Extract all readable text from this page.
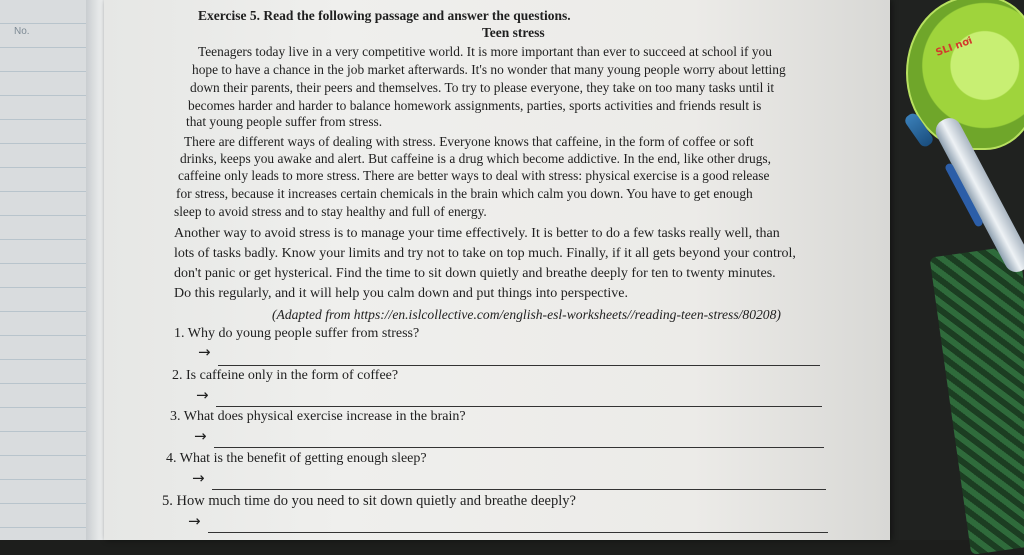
No.
SLI nơi
Exercise 5. Read the following passage and answer the questions.
Teen stress
Teenagers today live in a very competitive world. It is more important than ever to succeed at school if you
hope to have a chance in the job market afterwards. It's no wonder that many young people worry about letting
down their parents, their peers and themselves. To try to please everyone, they take on too many tasks until it
becomes harder and harder to balance homework assignments, parties, sports activities and friends result is
that young people suffer from stress.
There are different ways of dealing with stress. Everyone knows that caffeine, in the form of coffee or soft
drinks, keeps you awake and alert. But caffeine is a drug which become addictive. In the end, like other drugs,
caffeine only leads to more stress. There are better ways to deal with stress: physical exercise is a good release
for stress, because it increases certain chemicals in the brain which calm you down. You have to get enough
sleep to avoid stress and to stay healthy and full of energy.
Another way to avoid stress is to manage your time effectively. It is better to do a few tasks really well, than
lots of tasks badly. Know your limits and try not to take on top much. Finally, if it all gets beyond your control,
don't panic or get hysterical. Find the time to sit down quietly and breathe deeply for ten to twenty minutes.
Do this regularly, and it will help you calm down and put things into perspective.
(Adapted from https://en.islcollective.com/english-esl-worksheets//reading-teen-stress/80208)
1. Why do young people suffer from stress?
→
2. Is caffeine only in the form of coffee?
→
3. What does physical exercise increase in the brain?
→
4. What is the benefit of getting enough sleep?
→
5. How much time do you need to sit down quietly and breathe deeply?
→
